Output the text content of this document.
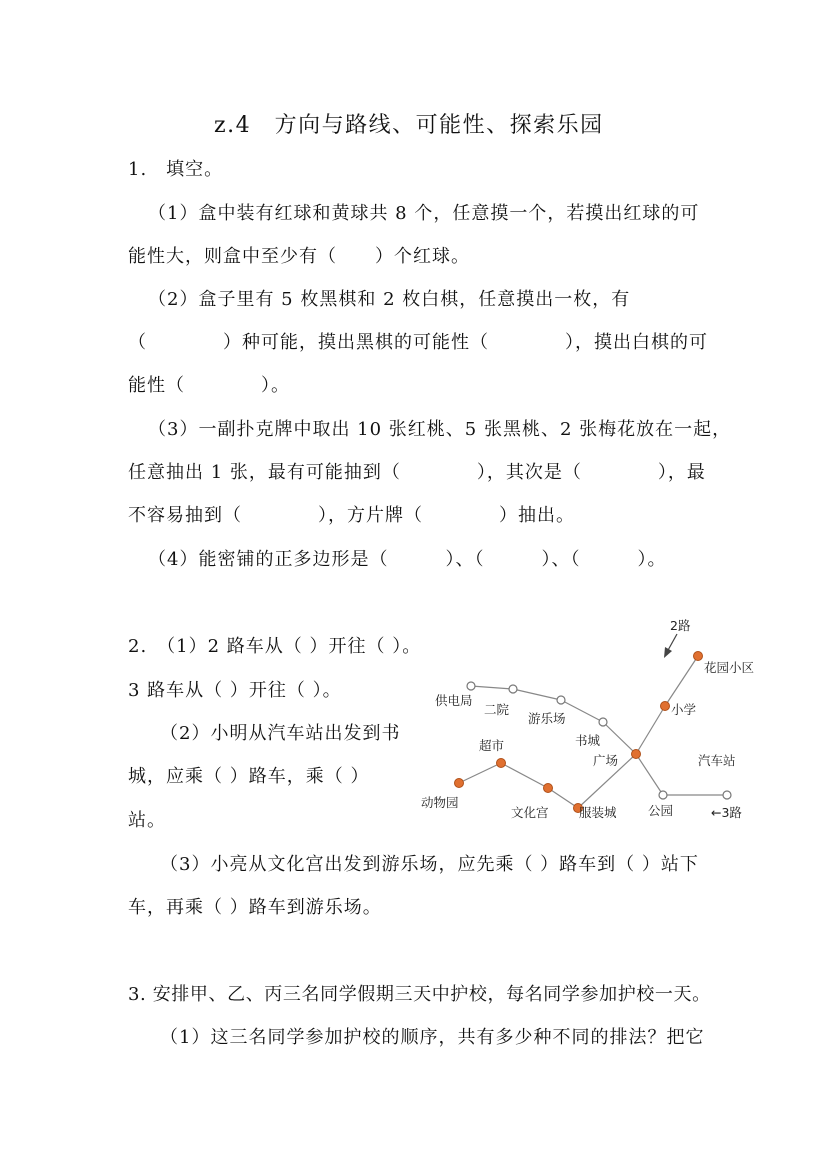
z.4　方向与路线、可能性、探索乐园
1.　填空。
（1）盒中装有红球和黄球共 8 个，任意摸一个，若摸出红球的可
能性大，则盒中至少有（　　）个红球。
（2）盒子里有 5 枚黑棋和 2 枚白棋，任意摸出一枚，有
（　　　　）种可能，摸出黑棋的可能性（　　　　），摸出白棋的可
能性（　　　　）。
（3）一副扑克牌中取出 10 张红桃、5 张黑桃、2 张梅花放在一起，
任意抽出 1 张，最有可能抽到（　　　　），其次是（　　　　），最
不容易抽到（　　　　），方片牌（　　　　）抽出。
（4）能密铺的正多边形是（　　　）、（　　　）、（　　　）。
2.　（1）2 路车从（ ）开往（ ）。
3 路车从（ ）开往（ ）。
（2）小明从汽车站出发到书
城，应乘（ ）路车，乘（ ）
站。
（3）小亮从文化宫出发到游乐场，应先乘（ ）路车到（ ）站下
车，再乘（ ）路车到游乐场。
2路
花园小区
小学
供电局
二院
游乐场
书城
广场	汽车站
超市
动物园
文化宫 服装城	公园	←3路
3. 安排甲、乙、丙三名同学假期三天中护校，每名同学参加护校一天。
（1）这三名同学参加护校的顺序，共有多少种不同的排法？把它
